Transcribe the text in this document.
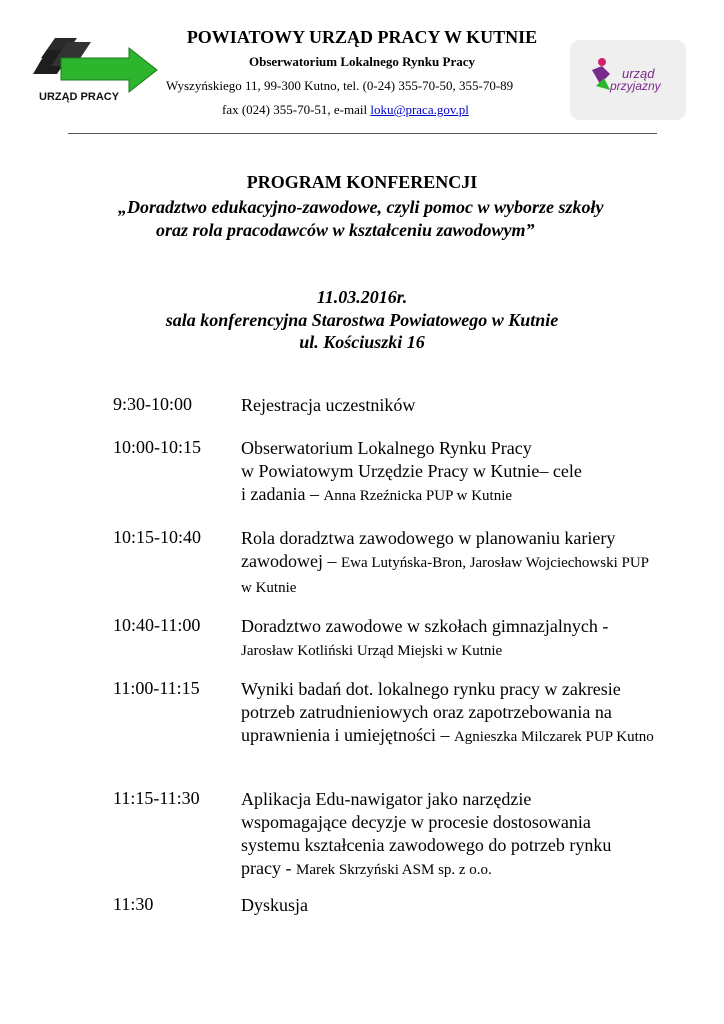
URZĄD PRACY
urząd
przyjazny
POWIATOWY URZĄD PRACY W KUTNIE
Obserwatorium Lokalnego Rynku Pracy
Wyszyńskiego 11, 99-300 Kutno, tel. (0-24) 355-70-50, 355-70-89
fax (024) 355-70-51, e-mail loku@praca.gov.pl
PROGRAM KONFERENCJI
„Doradztwo edukacyjno-zawodowe, czyli pomoc w wyborze szkoły
oraz rola pracodawców w kształceniu zawodowym”
11.03.2016r.
sala konferencyjna Starostwa Powiatowego w Kutnie
ul. Kościuszki 16
9:30-10:00	Rejestracja uczestników
10:00-10:15 Obserwatorium Lokalnego Rynku Pracy
w Powiatowym Urzędzie Pracy w Kutnie– cele
i zadania – Anna Rzeźnicka PUP w Kutnie
10:15-10:40 Rola doradztwa zawodowego w planowaniu kariery
zawodowej – Ewa Lutyńska-Bron, Jarosław Wojciechowski PUP w Kutnie
10:40-11:00 Doradztwo zawodowe w szkołach gimnazjalnych -
Jarosław Kotliński Urząd Miejski w Kutnie
11:00-11:15 Wyniki badań dot. lokalnego rynku pracy w zakresie
potrzeb zatrudnieniowych oraz zapotrzebowania na
uprawnienia i umiejętności – Agnieszka Milczarek PUP Kutno
11:15-11:30 Aplikacja Edu-nawigator jako narzędzie
wspomagające decyzje w procesie dostosowania
systemu kształcenia zawodowego do potrzeb rynku
pracy - Marek Skrzyński ASM sp. z o.o.
11:30	Dyskusja
